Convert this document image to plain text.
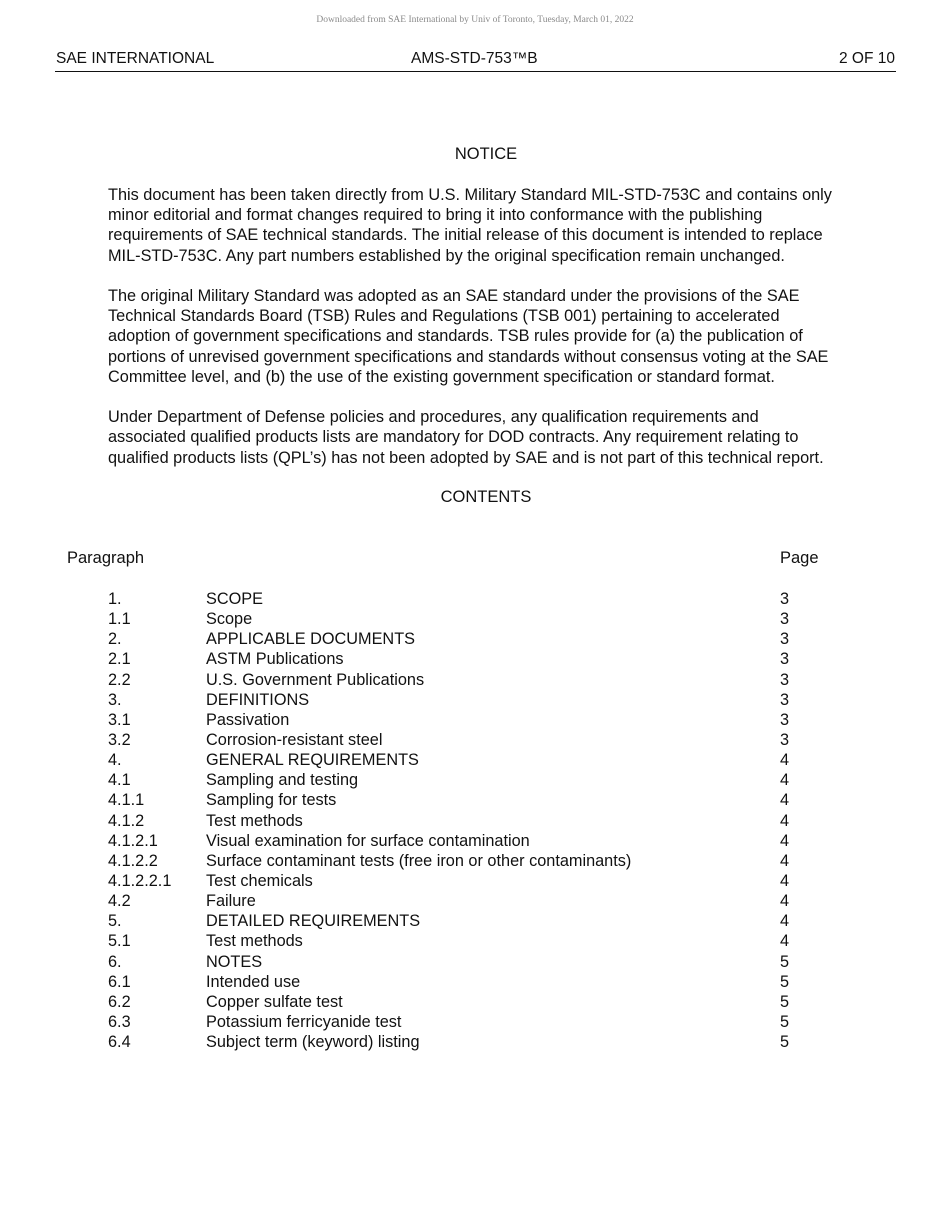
Downloaded from SAE International by Univ of Toronto, Tuesday, March 01, 2022
SAE INTERNATIONAL	AMS-STD-753™B	2 OF 10
NOTICE

This document has been taken directly from U.S. Military Standard MIL-STD-753C and contains only
minor editorial and format changes required to bring it into conformance with the publishing
requirements of SAE technical standards. The initial release of this document is intended to replace
MIL-STD-753C. Any part numbers established by the original specification remain unchanged.

The original Military Standard was adopted as an SAE standard under the provisions of the SAE
Technical Standards Board (TSB) Rules and Regulations (TSB 001) pertaining to accelerated
adoption of government specifications and standards. TSB rules provide for (a) the publication of
portions of unrevised government specifications and standards without consensus voting at the SAE
Committee level, and (b) the use of the existing government specification or standard format.

Under Department of Defense policies and procedures, any qualification requirements and
associated qualified products lists are mandatory for DOD contracts. Any requirement relating to
qualified products lists (QPL’s) has not been adopted by SAE and is not part of this technical report.

CONTENTS
Paragraph	Page
1.	SCOPE	3
1.1	Scope	3
2.	APPLICABLE DOCUMENTS	3
2.1	ASTM Publications	3
2.2	U.S. Government Publications	3
3.	DEFINITIONS	3
3.1	Passivation	3
3.2	Corrosion-resistant steel	3
4.	GENERAL REQUIREMENTS	4
4.1	Sampling and testing	4
4.1.1	Sampling for tests	4
4.1.2	Test methods	4
4.1.2.1	Visual examination for surface contamination	4
4.1.2.2	Surface contaminant tests (free iron or other contaminants)	4
4.1.2.2.1 Test chemicals	4
4.2	Failure	4
5.	DETAILED REQUIREMENTS	4
5.1	Test methods	4
6.	NOTES	5
6.1	Intended use	5
6.2	Copper sulfate test	5
6.3	Potassium ferricyanide test	5
6.4	Subject term (keyword) listing	5
